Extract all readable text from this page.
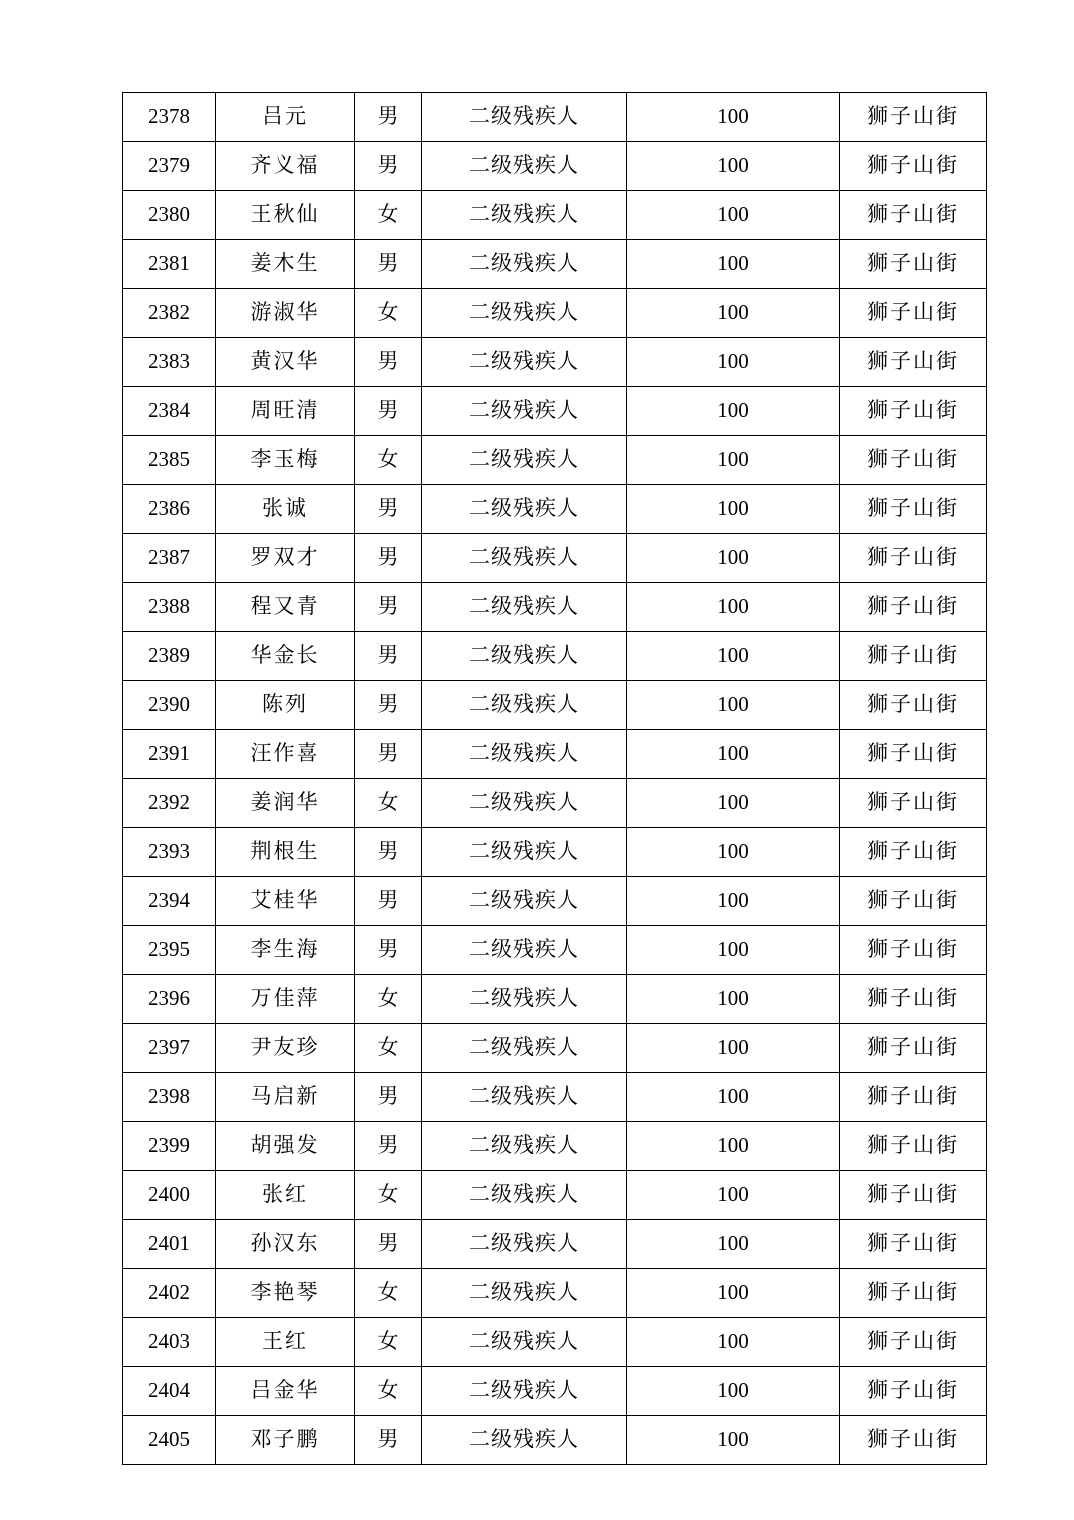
2378	吕元	男	二级残疾人	100	狮子山街
2379	齐义福	男	二级残疾人	100	狮子山街
2380	王秋仙	女	二级残疾人	100	狮子山街
2381	姜木生	男	二级残疾人	100	狮子山街
2382	游淑华	女	二级残疾人	100	狮子山街
2383	黄汉华	男	二级残疾人	100	狮子山街
2384	周旺清	男	二级残疾人	100	狮子山街
2385	李玉梅	女	二级残疾人	100	狮子山街
2386	张诚	男	二级残疾人	100	狮子山街
2387	罗双才	男	二级残疾人	100	狮子山街
2388	程又青	男	二级残疾人	100	狮子山街
2389	华金长	男	二级残疾人	100	狮子山街
2390	陈列	男	二级残疾人	100	狮子山街
2391	汪作喜	男	二级残疾人	100	狮子山街
2392	姜润华	女	二级残疾人	100	狮子山街
2393	荆根生	男	二级残疾人	100	狮子山街
2394	艾桂华	男	二级残疾人	100	狮子山街
2395	李生海	男	二级残疾人	100	狮子山街
2396	万佳萍	女	二级残疾人	100	狮子山街
2397	尹友珍	女	二级残疾人	100	狮子山街
2398	马启新	男	二级残疾人	100	狮子山街
2399	胡强发	男	二级残疾人	100	狮子山街
2400	张红	女	二级残疾人	100	狮子山街
2401	孙汉东	男	二级残疾人	100	狮子山街
2402	李艳琴	女	二级残疾人	100	狮子山街
2403	王红	女	二级残疾人	100	狮子山街
2404	吕金华	女	二级残疾人	100	狮子山街
2405	邓子鹏	男	二级残疾人	100	狮子山街
